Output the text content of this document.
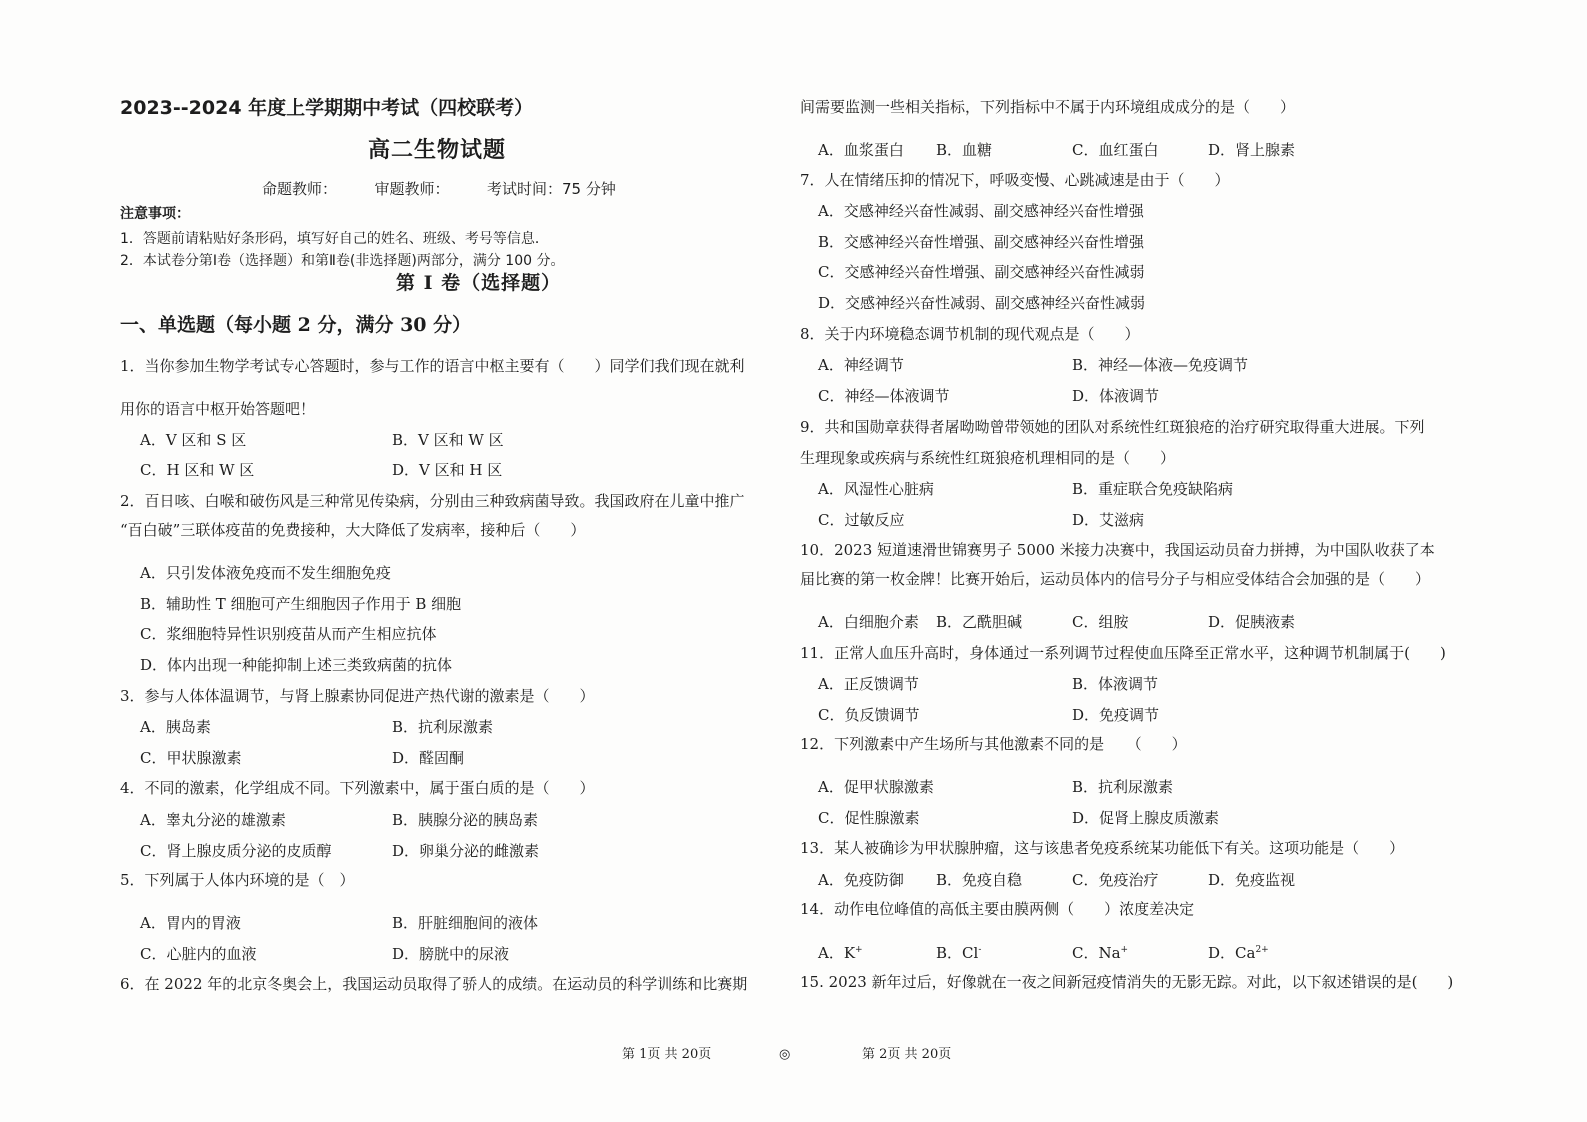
2023--2024 年度上学期期中考试（四校联考）
高二生物试题
命题教师：　　　审题教师：　　　考试时间：75 分钟
注意事项：
1．答题前请粘贴好条形码，填写好自己的姓名、班级、考号等信息．
2．本试卷分第Ⅰ卷（选择题）和第Ⅱ卷(非选择题)两部分，满分 100 分。
第 Ⅰ 卷（选择题）
一、单选题（每小题 2 分，满分 30 分）
1．当你参加生物学考试专心答题时，参与工作的语言中枢主要有（　　）同学们我们现在就利
用你的语言中枢开始答题吧！
A．V 区和 S 区	B．V 区和 W 区
C．H 区和 W 区	D．V 区和 H 区
2．百日咳、白喉和破伤风是三种常见传染病，分别由三种致病菌导致。我国政府在儿童中推广
“百白破”三联体疫苗的免费接种，大大降低了发病率，接种后（　　）
A．只引发体液免疫而不发生细胞免疫
B．辅助性 T 细胞可产生细胞因子作用于 B 细胞
C．浆细胞特异性识别疫苗从而产生相应抗体
D．体内出现一种能抑制上述三类致病菌的抗体
3．参与人体体温调节，与肾上腺素协同促进产热代谢的激素是（　　）
A．胰岛素	B．抗利尿激素
C．甲状腺激素	D．醛固酮
4．不同的激素，化学组成不同。下列激素中，属于蛋白质的是（　　）
A．睾丸分泌的雄激素	B．胰腺分泌的胰岛素
C．肾上腺皮质分泌的皮质醇	D．卵巢分泌的雌激素
5．下列属于人体内环境的是（　）
A．胃内的胃液	B．肝脏细胞间的液体
C．心脏内的血液	D．膀胱中的尿液
6．在 2022 年的北京冬奥会上，我国运动员取得了骄人的成绩。在运动员的科学训练和比赛期
间需要监测一些相关指标，下列指标中不属于内环境组成成分的是（　　）
A．血浆蛋白 B．血糖	C．血红蛋白	D．肾上腺素
7．人在情绪压抑的情况下，呼吸变慢、心跳减速是由于（　　）
A．交感神经兴奋性减弱、副交感神经兴奋性增强
B．交感神经兴奋性增强、副交感神经兴奋性增强
C．交感神经兴奋性增强、副交感神经兴奋性减弱
D．交感神经兴奋性减弱、副交感神经兴奋性减弱
8．关于内环境稳态调节机制的现代观点是（　　）
A．神经调节	B．神经—体液—免疫调节
C．神经—体液调节	D．体液调节
9．共和国勋章获得者屠呦呦曾带领她的团队对系统性红斑狼疮的治疗研究取得重大进展。下列
生理现象或疾病与系统性红斑狼疮机理相同的是（　　）
A．风湿性心脏病	B．重症联合免疫缺陷病
C．过敏反应	D．艾滋病
10．2023 短道速滑世锦赛男子 5000 米接力决赛中，我国运动员奋力拼搏，为中国队收获了本
届比赛的第一枚金牌！比赛开始后，运动员体内的信号分子与相应受体结合会加强的是（　　）
A．白细胞介素 B．乙酰胆碱	C．组胺	D．促胰液素
11．正常人血压升高时，身体通过一系列调节过程使血压降至正常水平，这种调节机制属于(　　)
A．正反馈调节	B．体液调节
C．负反馈调节	D．免疫调节
12．下列激素中产生场所与其他激素不同的是　　（　　）
A．促甲状腺激素	B．抗利尿激素
C．促性腺激素	D．促肾上腺皮质激素
13．某人被确诊为甲状腺肿瘤，这与该患者免疫系统某功能低下有关。这项功能是（　　）
A．免疫防御 B．免疫自稳	C．免疫治疗	D．免疫监视
14．动作电位峰值的高低主要由膜两侧（　　）浓度差决定
A．K+	B．Cl-	C．Na+	D．$Ca^{2+}$
15. 2023 新年过后，好像就在一夜之间新冠疫情消失的无影无踪。对此，以下叙述错误的是(　　)
第 1页 共 20页	◎	第 2页 共 20页
